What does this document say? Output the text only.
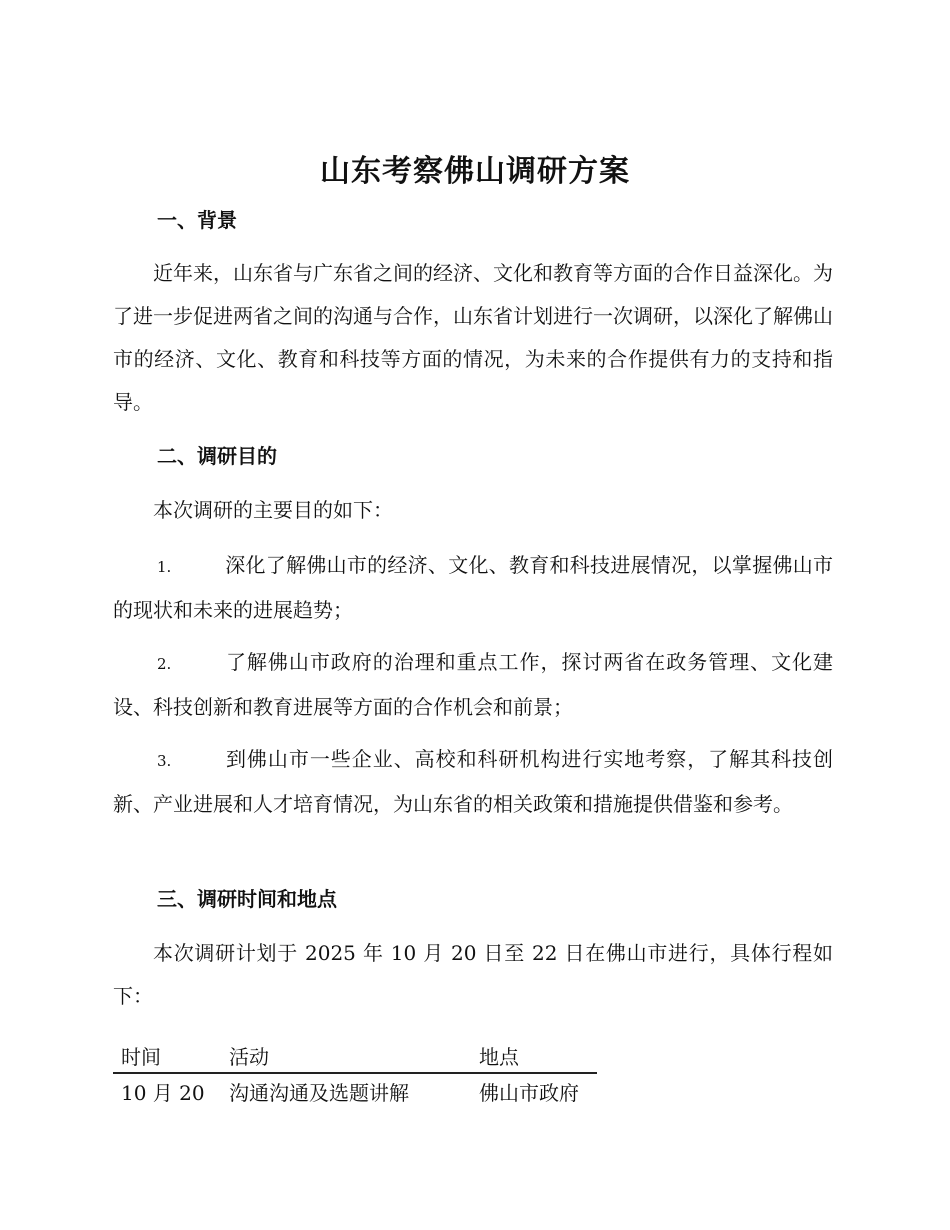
山东考察佛山调研方案
一、背景

近年来，山东省与广东省之间的经济、文化和教育等方面的合作日益深化。为了进一步促进两省之间的沟通与合作，山东省计划进行一次调研，以深化了解佛山市的经济、文化、教育和科技等方面的情况，为未来的合作提供有力的支持和指导。

二、调研目的

本次调研的主要目的如下：

1.	深化了解佛山市的经济、文化、教育和科技进展情况，以掌握佛山市的现状和未来的进展趋势；

2.	了解佛山市政府的治理和重点工作，探讨两省在政务管理、文化建设、科技创新和教育进展等方面的合作机会和前景；

3.	到佛山市一些企业、高校和科研机构进行实地考察，了解其科技创新、产业进展和人才培育情况，为山东省的相关政策和措施提供借鉴和参考。

三、调研时间和地点

本次调研计划于 2025 年 10 月 20 日至 22 日在佛山市进行，具体行程如下：

时间	活动	地点
10 月 20	沟通沟通及选题讲解	佛山市政府
